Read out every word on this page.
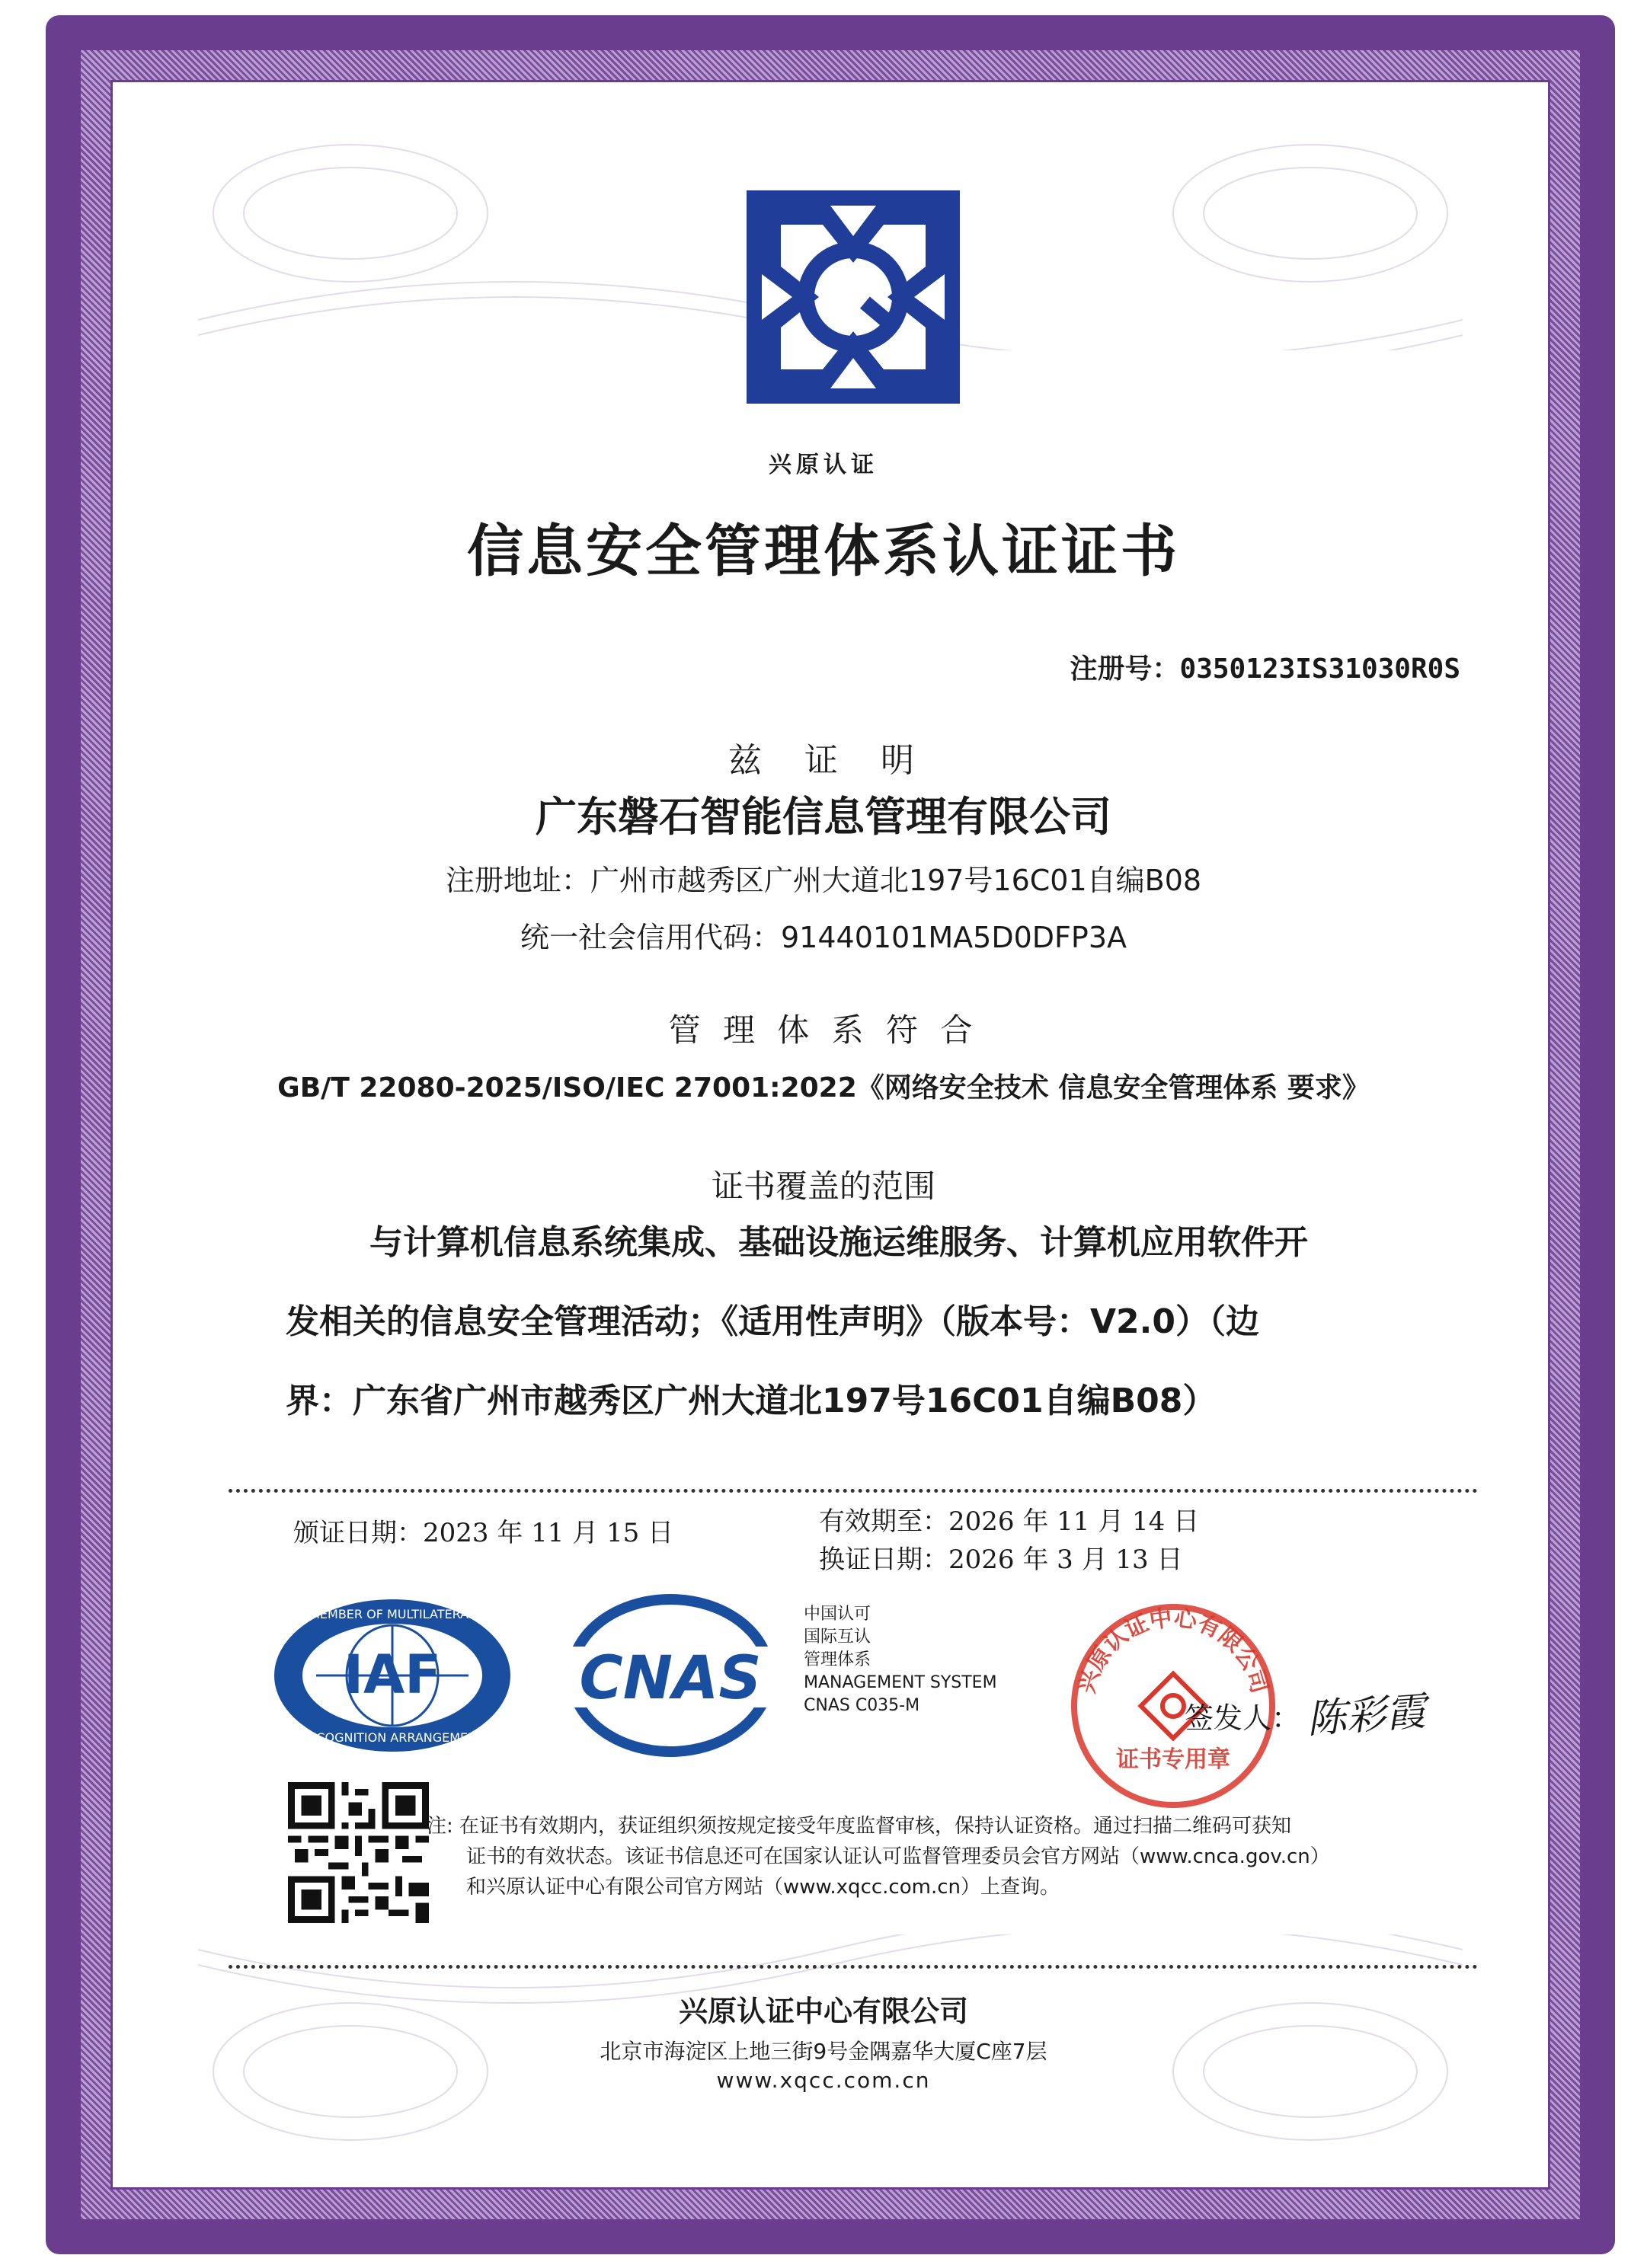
兴原认证
信息安全管理体系认证证书
注册号：0350123IS31030R0S
兹　证　明
广东磐石智能信息管理有限公司
注册地址：广州市越秀区广州大道北197号16C01自编B08
统一社会信用代码：91440101MA5D0DFP3A
管 理 体 系 符 合
GB/T 22080-2025/ISO/IEC 27001:2022《网络安全技术 信息安全管理体系 要求》
证书覆盖的范围
与计算机信息系统集成、基础设施运维服务、计算机应用软件开
发相关的信息安全管理活动；《适用性声明》（版本号：V2.0）（边
界：广东省广州市越秀区广州大道北197号16C01自编B08）
颁证日期：2023 年 11 月 15 日	有效期至：2026 年 11 月 14 日
换证日期：2026 年 3 月 13 日
IAF
MEMBER OF MULTILATERAL
RECOGNITION ARRANGEMENT
CNAS
中国认可
国际互认
管理体系
MANAGEMENT SYSTEM
CNAS C035-M
兴原认证中心有限公司
证书专用章
签发人： 陈彩霞
注: 在证书有效期内，获证组织须按规定接受年度监督审核，保持认证资格。通过扫描二维码可获知
证书的有效状态。该证书信息还可在国家认证认可监督管理委员会官方网站（www.cnca.gov.cn）
和兴原认证中心有限公司官方网站（www.xqcc.com.cn）上查询。
兴原认证中心有限公司
北京市海淀区上地三街9号金隅嘉华大厦C座7层
www.xqcc.com.cn
